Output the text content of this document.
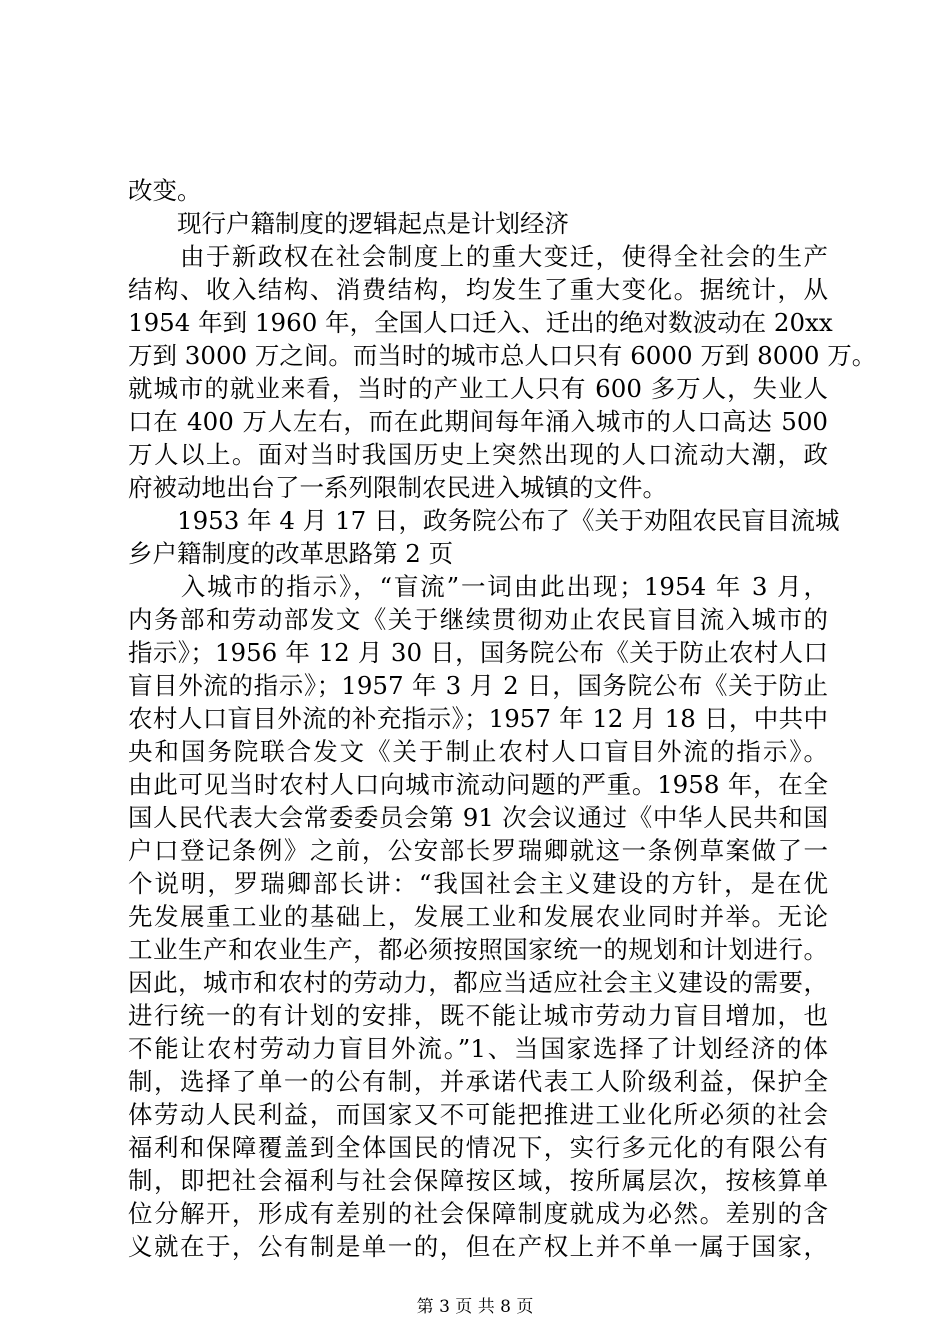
改变。
　　现行户籍制度的逻辑起点是计划经济
　　由于新政权在社会制度上的重大变迁，使得全社会的生产
结构、收入结构、消费结构，均发生了重大变化。据统计，从
1954 年到 1960 年，全国人口迁入、迁出的绝对数波动在 20xx
万到 3000 万之间。而当时的城市总人口只有 6000 万到 8000 万。
就城市的就业来看，当时的产业工人只有 600 多万人，失业人
口在 400 万人左右，而在此期间每年涌入城市的人口高达 500
万人以上。面对当时我国历史上突然出现的人口流动大潮，政
府被动地出台了一系列限制农民进入城镇的文件。
　　1953 年 4 月 17 日，政务院公布了《关于劝阻农民盲目流城
乡户籍制度的改革思路第 2 页
　　入城市的指示》，“盲流”一词由此出现；1954 年 3 月，
内务部和劳动部发文《关于继续贯彻劝止农民盲目流入城市的
指示》；1956 年 12 月 30 日，国务院公布《关于防止农村人口
盲目外流的指示》；1957 年 3 月 2 日，国务院公布《关于防止
农村人口盲目外流的补充指示》；1957 年 12 月 18 日，中共中
央和国务院联合发文《关于制止农村人口盲目外流的指示》。
由此可见当时农村人口向城市流动问题的严重。1958 年，在全
国人民代表大会常委委员会第 91 次会议通过《中华人民共和国
户口登记条例》之前，公安部长罗瑞卿就这一条例草案做了一
个说明，罗瑞卿部长讲：“我国社会主义建设的方针，是在优
先发展重工业的基础上，发展工业和发展农业同时并举。无论
工业生产和农业生产，都必须按照国家统一的规划和计划进行。
因此，城市和农村的劳动力，都应当适应社会主义建设的需要，
进行统一的有计划的安排，既不能让城市劳动力盲目增加，也
不能让农村劳动力盲目外流。”1、当国家选择了计划经济的体
制，选择了单一的公有制，并承诺代表工人阶级利益，保护全
体劳动人民利益，而国家又不可能把推进工业化所必须的社会
福利和保障覆盖到全体国民的情况下，实行多元化的有限公有
制，即把社会福利与社会保障按区域，按所属层次，按核算单
位分解开，形成有差别的社会保障制度就成为必然。差别的含
义就在于，公有制是单一的，但在产权上并不单一属于国家，
第 3 页 共 8 页
